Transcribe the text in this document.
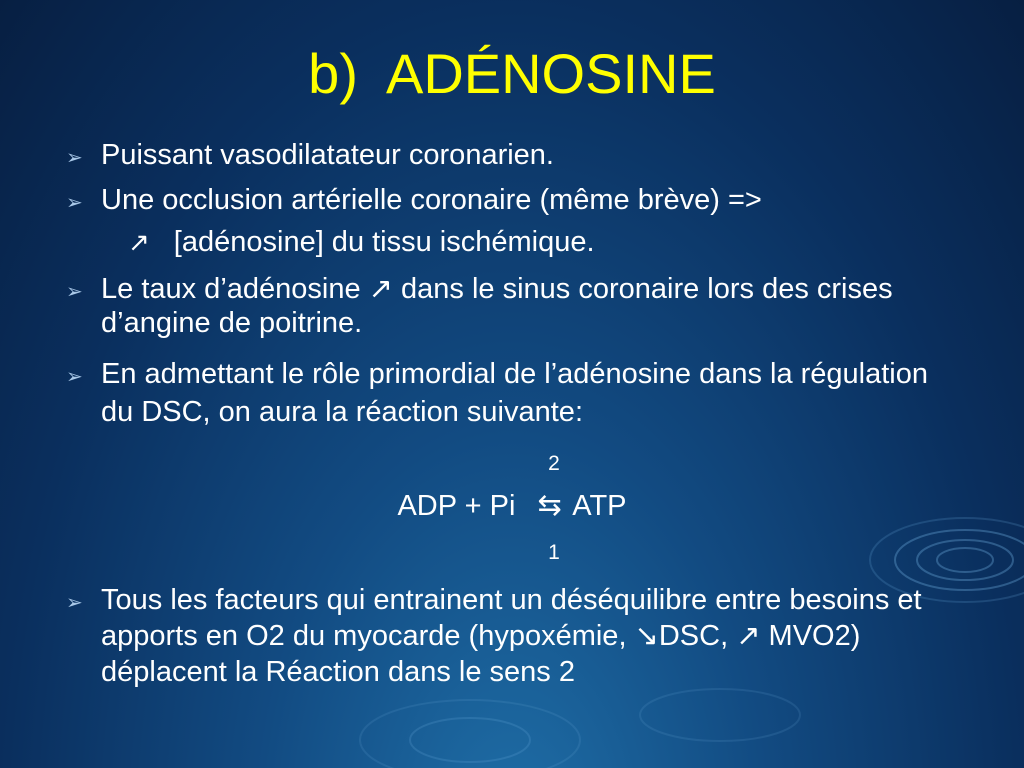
b) ADÉNOSINE
➢ Puissant vasodilatateur coronarien.
➢ Une occlusion artérielle coronaire (même brève) =>
↗ [adénosine] du tissu ischémique.
➢ Le taux d’adénosine ↗ dans le sinus coronaire lors des crises d’angine de poitrine.
➢ En admettant le rôle primordial de l’adénosine dans la régulation du DSC, on aura la réaction suivante:
2
ADP + Pi ⇆ ATP
1
➢ Tous les facteurs qui entrainent un déséquilibre entre besoins et apports en O2 du myocarde (hypoxémie, ↘DSC, ↗ MVO2) déplacent la Réaction dans le sens 2
